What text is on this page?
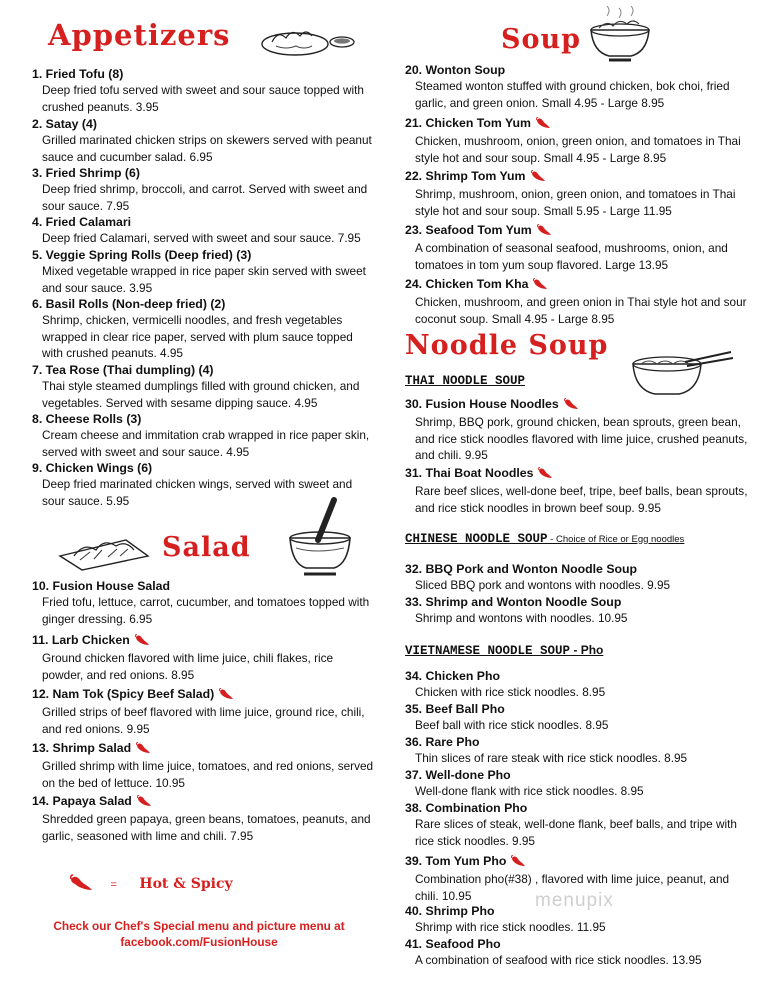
Appetizers
1. Fried Tofu (8)
Deep fried tofu served with sweet and sour sauce topped with crushed peanuts. 3.95
2. Satay (4)
Grilled marinated chicken strips on skewers served with peanut sauce and cucumber salad. 6.95
3. Fried Shrimp (6)
Deep fried shrimp, broccoli, and carrot. Served with sweet and sour sauce. 7.95
4. Fried Calamari
Deep fried Calamari, served with sweet and sour sauce. 7.95
5. Veggie Spring Rolls (Deep fried) (3)
Mixed vegetable wrapped in rice paper skin served with sweet and sour sauce. 3.95
6. Basil Rolls (Non-deep fried) (2)
Shrimp, chicken, vermicelli noodles, and fresh vegetables wrapped in clear rice paper, served with plum sauce topped with crushed peanuts. 4.95
7. Tea Rose (Thai dumpling) (4)
Thai style steamed dumplings filled with ground chicken, and vegetables. Served with sesame dipping sauce. 4.95
8. Cheese Rolls (3)
Cream cheese and immitation crab wrapped in rice paper skin, served with sweet and sour sauce. 4.95
9. Chicken Wings (6)
Deep fried marinated chicken wings, served with sweet and sour sauce. 5.95
Salad
10. Fusion House Salad
Fried tofu, lettuce, carrot, cucumber, and tomatoes topped with ginger dressing. 6.95
11. Larb Chicken
Ground chicken flavored with lime juice, chili flakes, rice powder, and red onions. 8.95
12. Nam Tok (Spicy Beef Salad)
Grilled strips of beef flavored with lime juice, ground rice, chili, and red onions. 9.95
13. Shrimp Salad
Grilled shrimp with lime juice, tomatoes, and red onions, served on the bed of lettuce. 10.95
14. Papaya Salad
Shredded green papaya, green beans, tomatoes, peanuts, and garlic, seasoned with lime and chili. 7.95
= Hot & Spicy
Check our Chef's Special menu and picture menu at
facebook.com/FusionHouse
Soup
20. Wonton Soup
Steamed wonton stuffed with ground chicken, bok choi, fried garlic, and green onion. Small 4.95 - Large 8.95
21. Chicken Tom Yum
Chicken, mushroom, onion, green onion, and tomatoes in Thai style hot and sour soup. Small 4.95 - Large 8.95
22. Shrimp Tom Yum
Shrimp, mushroom, onion, green onion, and tomatoes in Thai style hot and sour soup. Small 5.95 - Large 11.95
23. Seafood Tom Yum
A combination of seasonal seafood, mushrooms, onion, and tomatoes in tom yum soup flavored. Large 13.95
24. Chicken Tom Kha
Chicken, mushroom, and green onion in Thai style hot and sour coconut soup. Small 4.95 - Large 8.95
Noodle Soup
THAI NOODLE SOUP
30. Fusion House Noodles
Shrimp, BBQ pork, ground chicken, bean sprouts, green bean, and rice stick noodles flavored with lime juice, crushed peanuts, and chili. 9.95
31. Thai Boat Noodles
Rare beef slices, well-done beef, tripe, beef balls, bean sprouts, and rice stick noodles in brown beef soup. 9.95
CHINESE NOODLE SOUP - Choice of Rice or Egg noodles
32. BBQ Pork and Wonton Noodle Soup
Sliced BBQ pork and wontons with noodles. 9.95
33. Shrimp and Wonton Noodle Soup
Shrimp and wontons with noodles. 10.95
VIETNAMESE NOODLE SOUP - Pho
34. Chicken Pho
Chicken with rice stick noodles. 8.95
35. Beef Ball Pho
Beef ball with rice stick noodles. 8.95
36. Rare Pho
Thin slices of rare steak with rice stick noodles. 8.95
37. Well-done Pho
Well-done flank with rice stick noodles. 8.95
38. Combination Pho
Rare slices of steak, well-done flank, beef balls, and tripe with rice stick noodles. 9.95
39. Tom Yum Pho
Combination pho(#38) , flavored with lime juice, peanut, and chili. 10.95
40. Shrimp Pho
Shrimp with rice stick noodles. 11.95
41. Seafood Pho
A combination of seafood with rice stick noodles. 13.95
menupix
